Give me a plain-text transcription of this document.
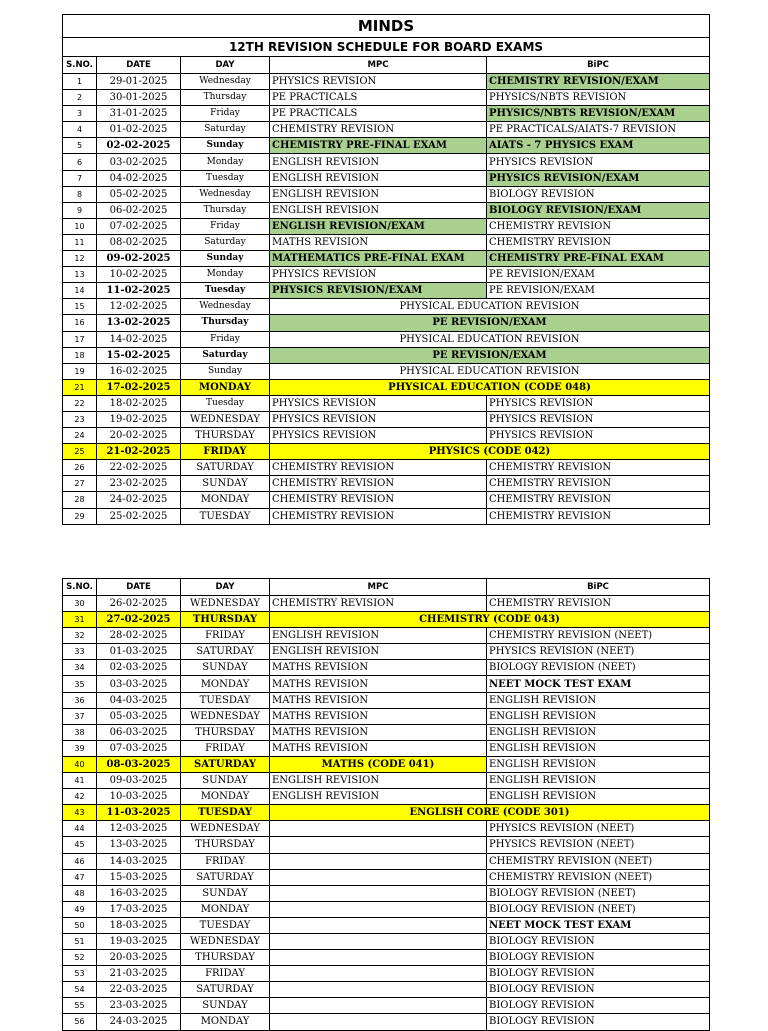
MINDS				
12TH REVISION SCHEDULE FOR BOARD EXAMS				
S.NO.	DATE	DAY	MPC	BiPC
1	29-01-2025	Wednesday	PHYSICS REVISION	CHEMISTRY REVISION/EXAM
2	30-01-2025	Thursday	PE PRACTICALS	PHYSICS/NBTS REVISION
3	31-01-2025	Friday	PE PRACTICALS	PHYSICS/NBTS REVISION/EXAM
4	01-02-2025	Saturday	CHEMISTRY REVISION	PE PRACTICALS/AIATS-7 REVISION
5	02-02-2025	Sunday	CHEMISTRY PRE-FINAL EXAM	AIATS - 7 PHYSICS EXAM
6	03-02-2025	Monday	ENGLISH REVISION	PHYSICS REVISION
7	04-02-2025	Tuesday	ENGLISH REVISION	PHYSICS REVISION/EXAM
8	05-02-2025	Wednesday	ENGLISH REVISION	BIOLOGY REVISION
9	06-02-2025	Thursday	ENGLISH REVISION	BIOLOGY REVISION/EXAM
10	07-02-2025	Friday	ENGLISH REVISION/EXAM	CHEMISTRY REVISION
11	08-02-2025	Saturday	MATHS REVISION	CHEMISTRY REVISION
12	09-02-2025	Sunday	MATHEMATICS PRE-FINAL EXAM	CHEMISTRY PRE-FINAL EXAM
13	10-02-2025	Monday	PHYSICS REVISION	PE REVISION/EXAM
14	11-02-2025	Tuesday	PHYSICS REVISION/EXAM	PE REVISION/EXAM
15	12-02-2025	Wednesday	PHYSICAL EDUCATION REVISION	
16	13-02-2025	Thursday	PE REVISION/EXAM	
17	14-02-2025	Friday	PHYSICAL EDUCATION REVISION	
18	15-02-2025	Saturday	PE REVISION/EXAM	
19	16-02-2025	Sunday	PHYSICAL EDUCATION REVISION	
21	17-02-2025	MONDAY	PHYSICAL EDUCATION (CODE 048)	
22	18-02-2025	Tuesday	PHYSICS REVISION	PHYSICS REVISION
23	19-02-2025	WEDNESDAY	PHYSICS REVISION	PHYSICS REVISION
24	20-02-2025	THURSDAY	PHYSICS REVISION	PHYSICS REVISION
25	21-02-2025	FRIDAY	PHYSICS (CODE 042)	
26	22-02-2025	SATURDAY	CHEMISTRY REVISION	CHEMISTRY REVISION
27	23-02-2025	SUNDAY	CHEMISTRY REVISION	CHEMISTRY REVISION
28	24-02-2025	MONDAY	CHEMISTRY REVISION	CHEMISTRY REVISION
29	25-02-2025	TUESDAY	CHEMISTRY REVISION	CHEMISTRY REVISION
S.NO.	DATE	DAY	MPC	BiPC
30	26-02-2025	WEDNESDAY	CHEMISTRY REVISION	CHEMISTRY REVISION
31	27-02-2025	THURSDAY	CHEMISTRY (CODE 043)	
32	28-02-2025	FRIDAY	ENGLISH REVISION	CHEMISTRY REVISION (NEET)
33	01-03-2025	SATURDAY	ENGLISH REVISION	PHYSICS REVISION (NEET)
34	02-03-2025	SUNDAY	MATHS REVISION	BIOLOGY REVISION (NEET)
35	03-03-2025	MONDAY	MATHS REVISION	NEET MOCK TEST EXAM
36	04-03-2025	TUESDAY	MATHS REVISION	ENGLISH REVISION
37	05-03-2025	WEDNESDAY	MATHS REVISION	ENGLISH REVISION
38	06-03-2025	THURSDAY	MATHS REVISION	ENGLISH REVISION
39	07-03-2025	FRIDAY	MATHS REVISION	ENGLISH REVISION
40	08-03-2025	SATURDAY	MATHS (CODE 041)	ENGLISH REVISION
41	09-03-2025	SUNDAY	ENGLISH REVISION	ENGLISH REVISION
42	10-03-2025	MONDAY	ENGLISH REVISION	ENGLISH REVISION
43	11-03-2025	TUESDAY	ENGLISH CORE (CODE 301)	
44	12-03-2025	WEDNESDAY		PHYSICS REVISION (NEET)
45	13-03-2025	THURSDAY		PHYSICS REVISION (NEET)
46	14-03-2025	FRIDAY		CHEMISTRY REVISION (NEET)
47	15-03-2025	SATURDAY		CHEMISTRY REVISION (NEET)
48	16-03-2025	SUNDAY		BIOLOGY REVISION (NEET)
49	17-03-2025	MONDAY		BIOLOGY REVISION (NEET)
50	18-03-2025	TUESDAY		NEET MOCK TEST EXAM
51	19-03-2025	WEDNESDAY		BIOLOGY REVISION
52	20-03-2025	THURSDAY		BIOLOGY REVISION
53	21-03-2025	FRIDAY		BIOLOGY REVISION
54	22-03-2025	SATURDAY		BIOLOGY REVISION
55	23-03-2025	SUNDAY		BIOLOGY REVISION
56	24-03-2025	MONDAY		BIOLOGY REVISION
